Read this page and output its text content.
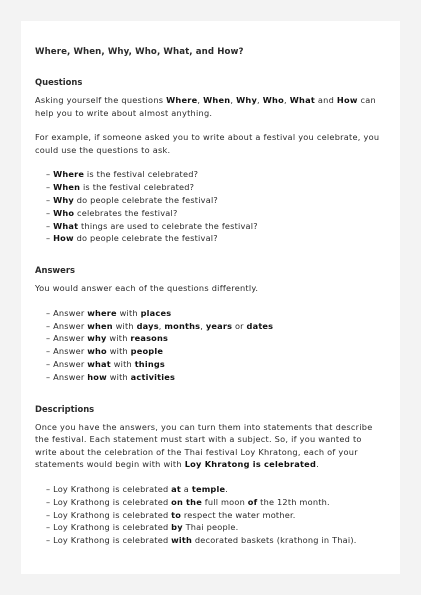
Where, When, Why, Who, What, and How?

Questions

Asking yourself the questions Where, When, Why, Who, What and How can help you to write about almost anything.

For example, if someone asked you to write about a festival you celebrate, you could use the questions to ask.

– Where is the festival celebrated?
– When is the festival celebrated?
– Why do people celebrate the festival?
– Who celebrates the festival?
– What things are used to celebrate the festival?
– How do people celebrate the festival?

Answers

You would answer each of the questions differently.

– Answer where with places
– Answer when with days, months, years or dates
– Answer why with reasons
– Answer who with people
– Answer what with things
– Answer how with activities

Descriptions

Once you have the answers, you can turn them into statements that describe the festival. Each statement must start with a subject. So, if you wanted to write about the celebration of the Thai festival Loy Khratong, each of your statements would begin with with Loy Khratong is celebrated.

– Loy Krathong is celebrated at a temple.
– Loy Krathong is celebrated on the full moon of the 12th month.
– Loy Krathong is celebrated to respect the water mother.
– Loy Krathong is celebrated by Thai people.
– Loy Krathong is celebrated with decorated baskets (krathong in Thai).
